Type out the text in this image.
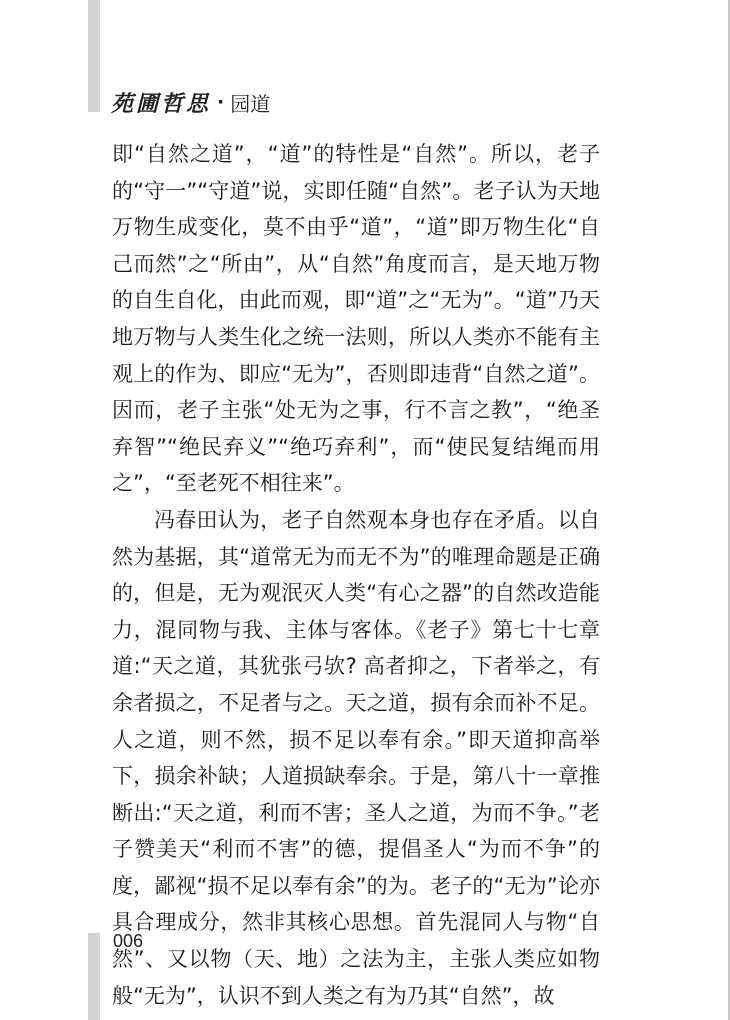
苑圃哲思 · 园道

即“自然之道”，“道”的特性是“自然”。所以，老子的“守一”“守道”说，实即任随“自然”。老子认为天地万物生成变化，莫不由乎“道”，“道”即万物生化“自己而然”之“所由”，从“自然”角度而言，是天地万物的自生自化，由此而观，即“道”之“无为”。“道”乃天地万物与人类生化之统一法则，所以人类亦不能有主观上的作为、即应“无为”，否则即违背“自然之道”。因而，老子主张“处无为之事，行不言之教”，“绝圣弃智”“绝民弃义”“绝巧弃利”，而“使民复结绳而用之”，“至老死不相往来”。

冯春田认为，老子自然观本身也存在矛盾。以自然为基据，其“道常无为而无不为”的唯理命题是正确的，但是，无为观泯灭人类“有心之器”的自然改造能力，混同物与我、主体与客体。《老子》第七十七章道:“天之道，其犹张弓欤? 高者抑之，下者举之，有余者损之，不足者与之。天之道，损有余而补不足。人之道，则不然，损不足以奉有余。”即天道抑高举下，损余补缺；人道损缺奉余。于是，第八十一章推断出:“天之道，利而不害；圣人之道，为而不争。”老子赞美天“利而不害”的德，提倡圣人“为而不争”的度，鄙视“损不足以奉有余”的为。老子的“无为”论亦具合理成分，然非其核心思想。首先混同人与物“自然”、又以物（天、地）之法为主，主张人类应如物般“无为”，认识不到人类之有为乃其“自然”，故

006
